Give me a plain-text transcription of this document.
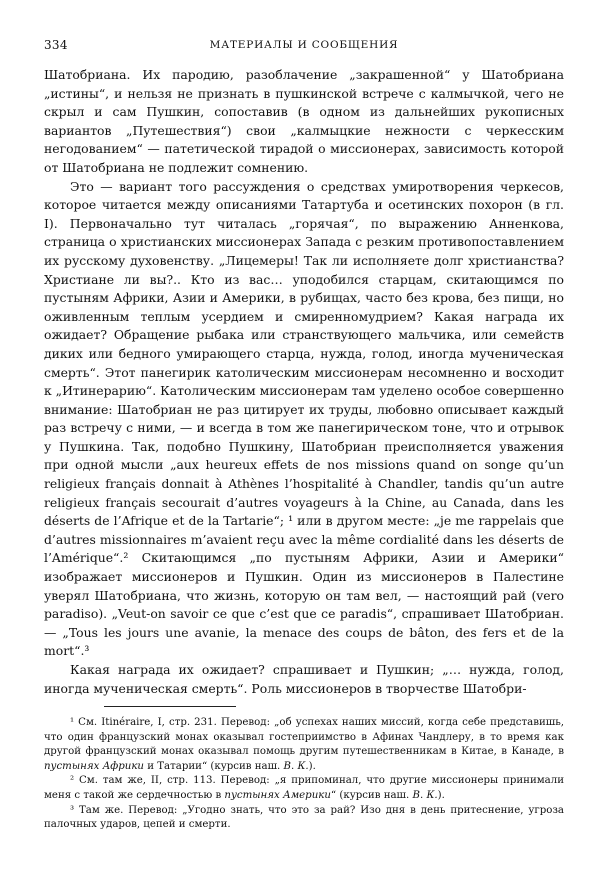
334	МАТЕРИАЛЫ И СООБЩЕНИЯ

Шатобриана. Их пародию, разоблачение „закрашенной“ у Шатобриана „истины“, и нельзя не признать в пушкинской встрече с калмычкой, чего не скрыл и сам Пушкин, сопоставив (в одном из дальнейших рукописных вариантов „Путешествия“) свои „калмыцкие нежности с черкесским негодованием“ — патетической тирадой о миссионерах, зависимость которой от Шатобриана не подлежит сомнению.

Это — вариант того рассуждения о средствах умиротворения черкесов, которое читается между описаниями Татартуба и осетинских похорон (в гл. I). Первоначально тут читалась „горячая“, по выражению Анненкова, страница о христианских миссионерах Запада с резким противопоставлением их русскому духовенству. „Лицемеры! Так ли исполняете долг христианства? Христиане ли вы?.. Кто из вас… уподобился старцам, скитающимся по пустыням Африки, Азии и Америки, в рубищах, часто без крова, без пищи, но оживленным теплым усердием и смиренномудрием? Какая награда их ожидает? Обращение рыбака или странствующего мальчика, или семейств диких или бедного умирающего старца, нужда, голод, иногда мученическая смерть“. Этот панегирик католическим миссионерам несомненно и восходит к „Итинерарию“. Католическим миссионерам там уделено особое совершенно внимание: Шатобриан не раз цитирует их труды, любовно описывает каждый раз встречу с ними, — и всегда в том же панегирическом тоне, что и отрывок у Пушкина. Так, подобно Пушкину, Шатобриан преисполняется уважения при одной мысли „aux heureux effets de nos missions quand on songe qu’un religieux français donnait à Athènes l’hospitalité à Chandler, tandis qu’un autre religieux français secourait d’autres voyageurs à la Chine, au Canada, dans les déserts de l’Afrique et de la Tartarie“; ¹ или в другом месте: „je me rappelais que d’autres missionnaires m’avaient reçu avec la même cordialité dans les déserts de l’Amérique“.² Скитающимся „по пустыням Африки, Азии и Америки“ изображает миссионеров и Пушкин. Один из миссионеров в Палестине уверял Шатобриана, что жизнь, которую он там вел, — настоящий рай (vero paradiso). „Veut-on savoir ce que c’est que ce paradis“, спрашивает Шатобриан. — „Tous les jours une avanie, la menace des coups de bâton, des fers et de la mort“.³

Какая награда их ожидает? спрашивает и Пушкин; „… нужда, голод, иногда мученическая смерть“. Роль миссионеров в творчестве Шатобри-

¹ См. Itinéraire, I, стр. 231. Перевод: „об успехах наших миссий, когда себе представишь, что один французский монах оказывал гостеприимство в Афинах Чандлеру, в то время как другой французский монах оказывал помощь другим путешественникам в Китае, в Канаде, в пустынях Африки и Татарии“ (курсив наш. В. К.).

² См. там же, II, стр. 113. Перевод: „я припоминал, что другие миссионеры принимали меня с такой же сердечностью в пустынях Америки“ (курсив наш. В. К.).

³ Там же. Перевод: „Угодно знать, что это за рай? Изо дня в день притеснение, угроза палочных ударов, цепей и смерти.
